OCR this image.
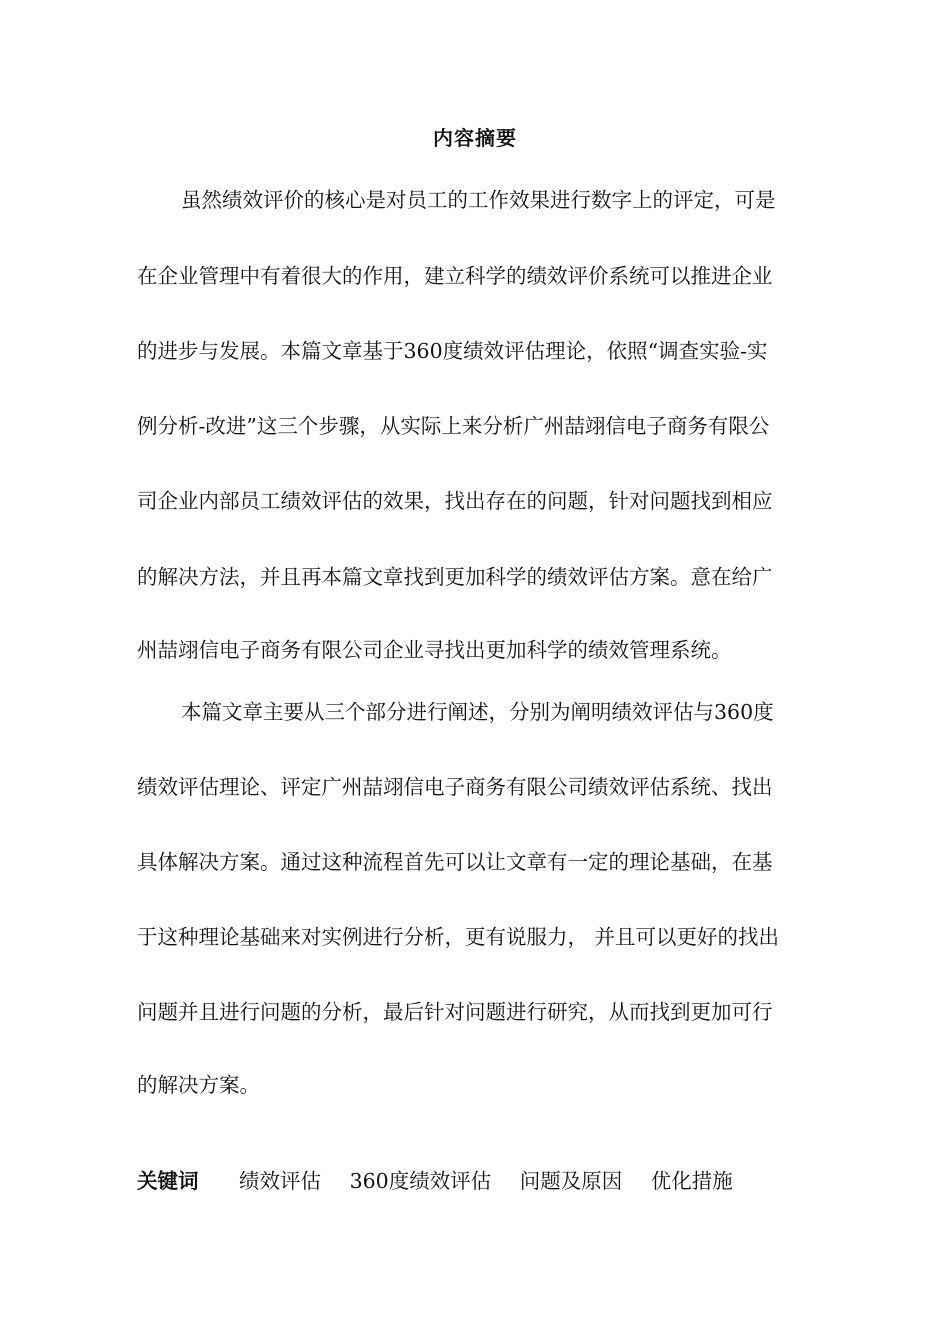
内容摘要
虽然绩效评价的核心是对员工的工作效果进行数字上的评定，可是
在企业管理中有着很大的作用，建立科学的绩效评价系统可以推进企业
的进步与发展。本篇文章基于360度绩效评估理论，依照“调查实验-实
例分析-改进”这三个步骤，从实际上来分析广州喆翊信电子商务有限公
司企业内部员工绩效评估的效果，找出存在的问题，针对问题找到相应
的解决方法，并且再本篇文章找到更加科学的绩效评估方案。意在给广
州喆翊信电子商务有限公司企业寻找出更加科学的绩效管理系统。
本篇文章主要从三个部分进行阐述，分别为阐明绩效评估与360度
绩效评估理论、评定广州喆翊信电子商务有限公司绩效评估系统、找出
具体解决方案。通过这种流程首先可以让文章有一定的理论基础，在基
于这种理论基础来对实例进行分析，更有说服力， 并且可以更好的找出
问题并且进行问题的分析，最后针对问题进行研究，从而找到更加可行
的解决方案。
关键词 绩效评估 360度绩效评估 问题及原因 优化措施
